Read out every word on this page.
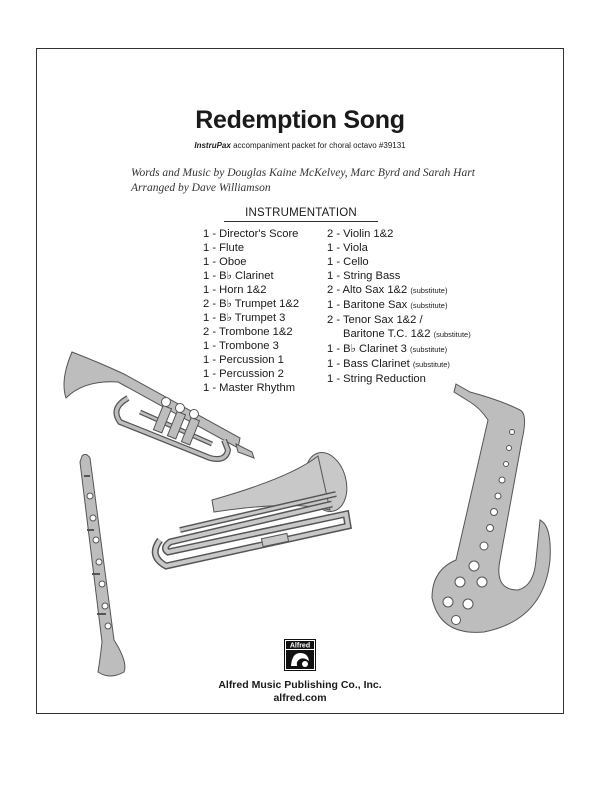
Redemption Song
InstruPax accompaniment packet for choral octavo #39131
Words and Music by Douglas Kaine McKelvey, Marc Byrd and Sarah Hart
Arranged by Dave Williamson
INSTRUMENTATION
1 - Director's Score
1 - Flute
1 - Oboe
1 - B♭ Clarinet
1 - Horn 1&2
2 - B♭ Trumpet 1&2
1 - B♭ Trumpet 3
2 - Trombone 1&2
1 - Trombone 3
1 - Percussion 1
1 - Percussion 2
1 - Master Rhythm
2 - Violin 1&2
1 - Viola
1 - Cello
1 - String Bass
2 - Alto Sax 1&2 (substitute)
1 - Baritone Sax (substitute)
2 - Tenor Sax 1&2 /
Baritone T.C. 1&2 (substitute)
1 - B♭ Clarinet 3 (substitute)
1 - Bass Clarinet (substitute)
1 - String Reduction
Alfred
Alfred Music Publishing Co., Inc.
alfred.com
